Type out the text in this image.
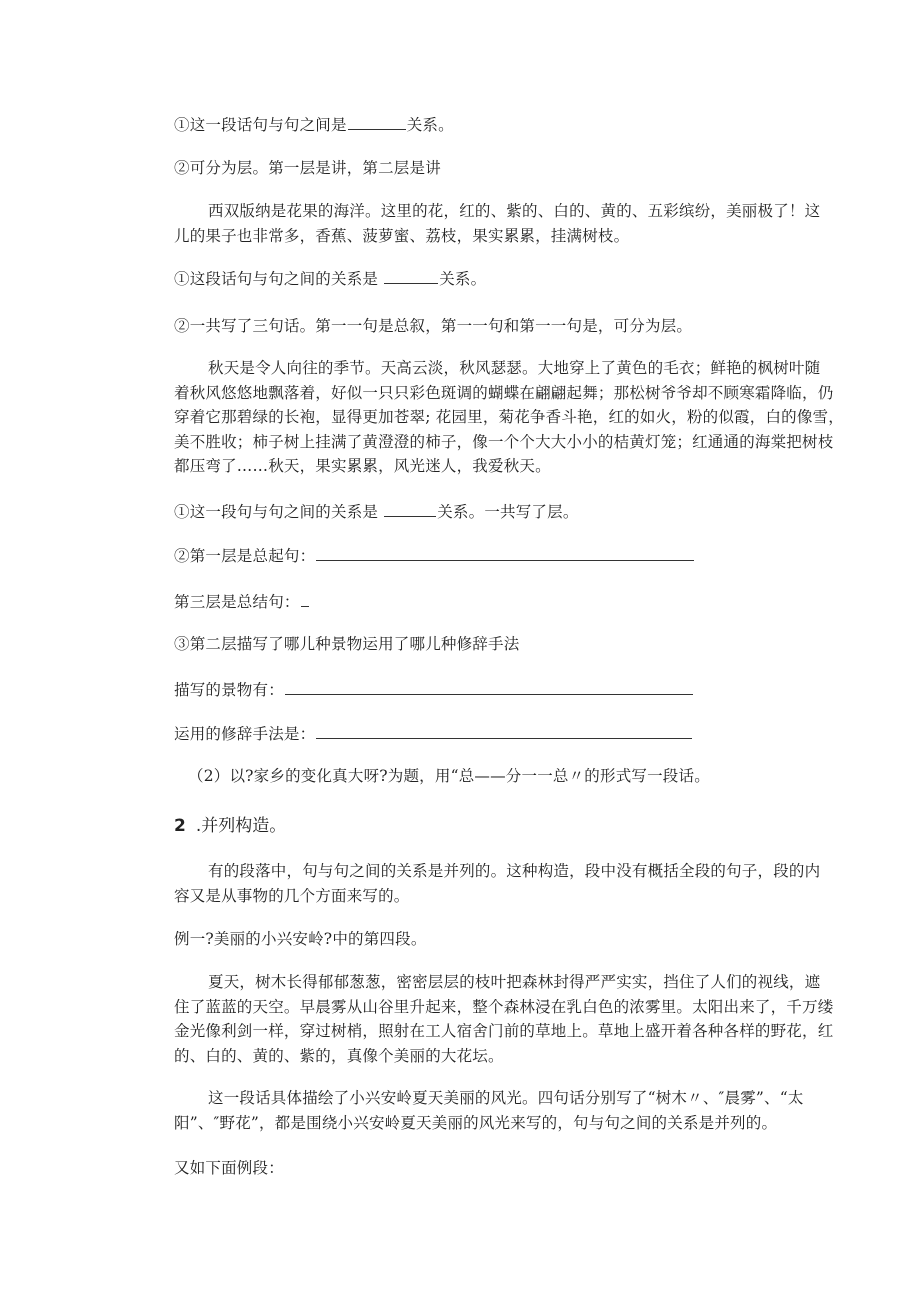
①这一段话句与句之间是	关系。

②可分为层。第一层是讲，第二层是讲

西双版纳是花果的海洋。这里的花，红的、紫的、白的、黄的、五彩缤纷，美丽极了！这
儿的果子也非常多，香蕉、菠萝蜜、荔枝，果实累累，挂满树枝。

①这段话句与句之间的关系是	关系。

②一共写了三句话。第一一句是总叙，第一一句和第一一句是，可分为层。

秋天是令人向往的季节。天高云淡，秋风瑟瑟。大地穿上了黄色的毛衣；鲜艳的枫树叶随
着秋风悠悠地飘落着，好似一只只彩色斑调的蝴蝶在翩翩起舞；那松树爷爷却不顾寒霜降临，仍
穿着它那碧绿的长袍，显得更加苍翠; 花园里，菊花争香斗艳，红的如火，粉的似霞，白的像雪，
美不胜收；柿子树上挂满了黄澄澄的柿子，像一个个大大小小的桔黄灯笼；红通通的海棠把树枝
都压弯了……秋天，果实累累，风光迷人，我爱秋天。

①这一段句与句之间的关系是	关系。一共写了层。

②第一层是总起句：

第三层是总结句：

③第二层描写了哪儿种景物运用了哪儿种修辞手法

描写的景物有：

运用的修辞手法是：

（2）以?家乡的变化真大呀?为题，用“总——分一一总〃的形式写一段话。

2 .并列构造。

有的段落中，句与句之间的关系是并列的。这种构造，段中没有概括全段的句子，段的内
容又是从事物的几个方面来写的。

例一?美丽的小兴安岭?中的第四段。

夏天，树木长得郁郁葱葱，密密层层的枝叶把森林封得严严实实，挡住了人们的视线，遮
住了蓝蓝的天空。早晨雾从山谷里升起来，整个森林浸在乳白色的浓雾里。太阳出来了，千万缕
金光像利剑一样，穿过树梢，照射在工人宿舍门前的草地上。草地上盛开着各种各样的野花，红
的、白的、黄的、紫的，真像个美丽的大花坛。
这一段话具体描绘了小兴安岭夏天美丽的风光。四句话分别写了“树木〃、″晨雾”、“太
阳”、″野花”，都是围绕小兴安岭夏天美丽的风光来写的，句与句之间的关系是并列的。

又如下面例段：
